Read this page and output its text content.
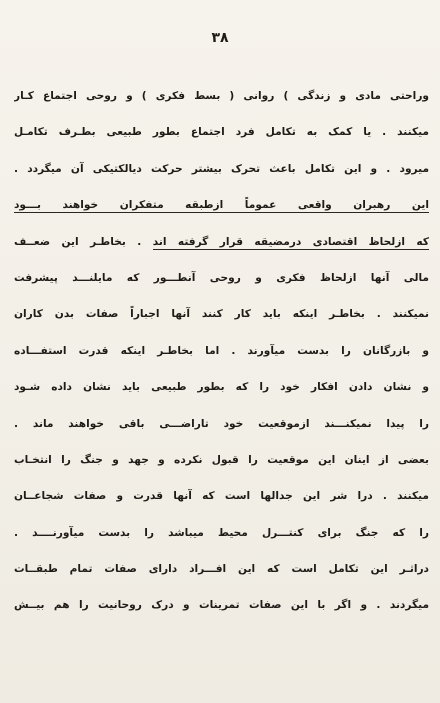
۳۸
وراحتی مادی و زندگی ) روانی ( بسط فکری ) و روحی اجتماع کـار
میکنند . یا کمک به تکامل فرد اجتماع بطور طبیعی بطـرف تکامـل
میرود . و این تکامل باعث تحرک بیشتر حرکت دیالکتیکی آن میگردد .
این رهبران واقعی عموماً ازطبقه متفکران خواهند بـــود
که ازلحاظ اقتصادی درمضیقه قرار گرفته اند . بخاطـر این ضعــف
مالی آنها ازلحاظ فکری و روحی آنطـــور که مایلنـــد پیشرفت
نمیکنند . بخاطـر اینکه باید کار کنند آنها اجباراً صفات بدن کاران
و بازرگانان را بدست میآورند . اما بخاطـر اینکه قدرت استفـــاده
و نشان دادن افکار خود را که بطور طبیعی باید نشان داده شـود
را پیدا نمیکنـــند ازموقعیت خود تاراضـــی باقی خواهند ماند .
بعضی از اینان این موقعیت را قبول نکرده و جهد و جنگ را انتخـاب
میکنند . درا شر این جدالها است که آنها قدرت و صفات شجاعــان
را که جنگ برای کنتـــرل محیط میباشد را بدست میآورنــــد .
دراثـر این تکامل است که این افـــراد دارای صفات تمام طبقــات
میگردند . و اگر با این صفات تمرینات و درک روحانیت را هم بیــش
